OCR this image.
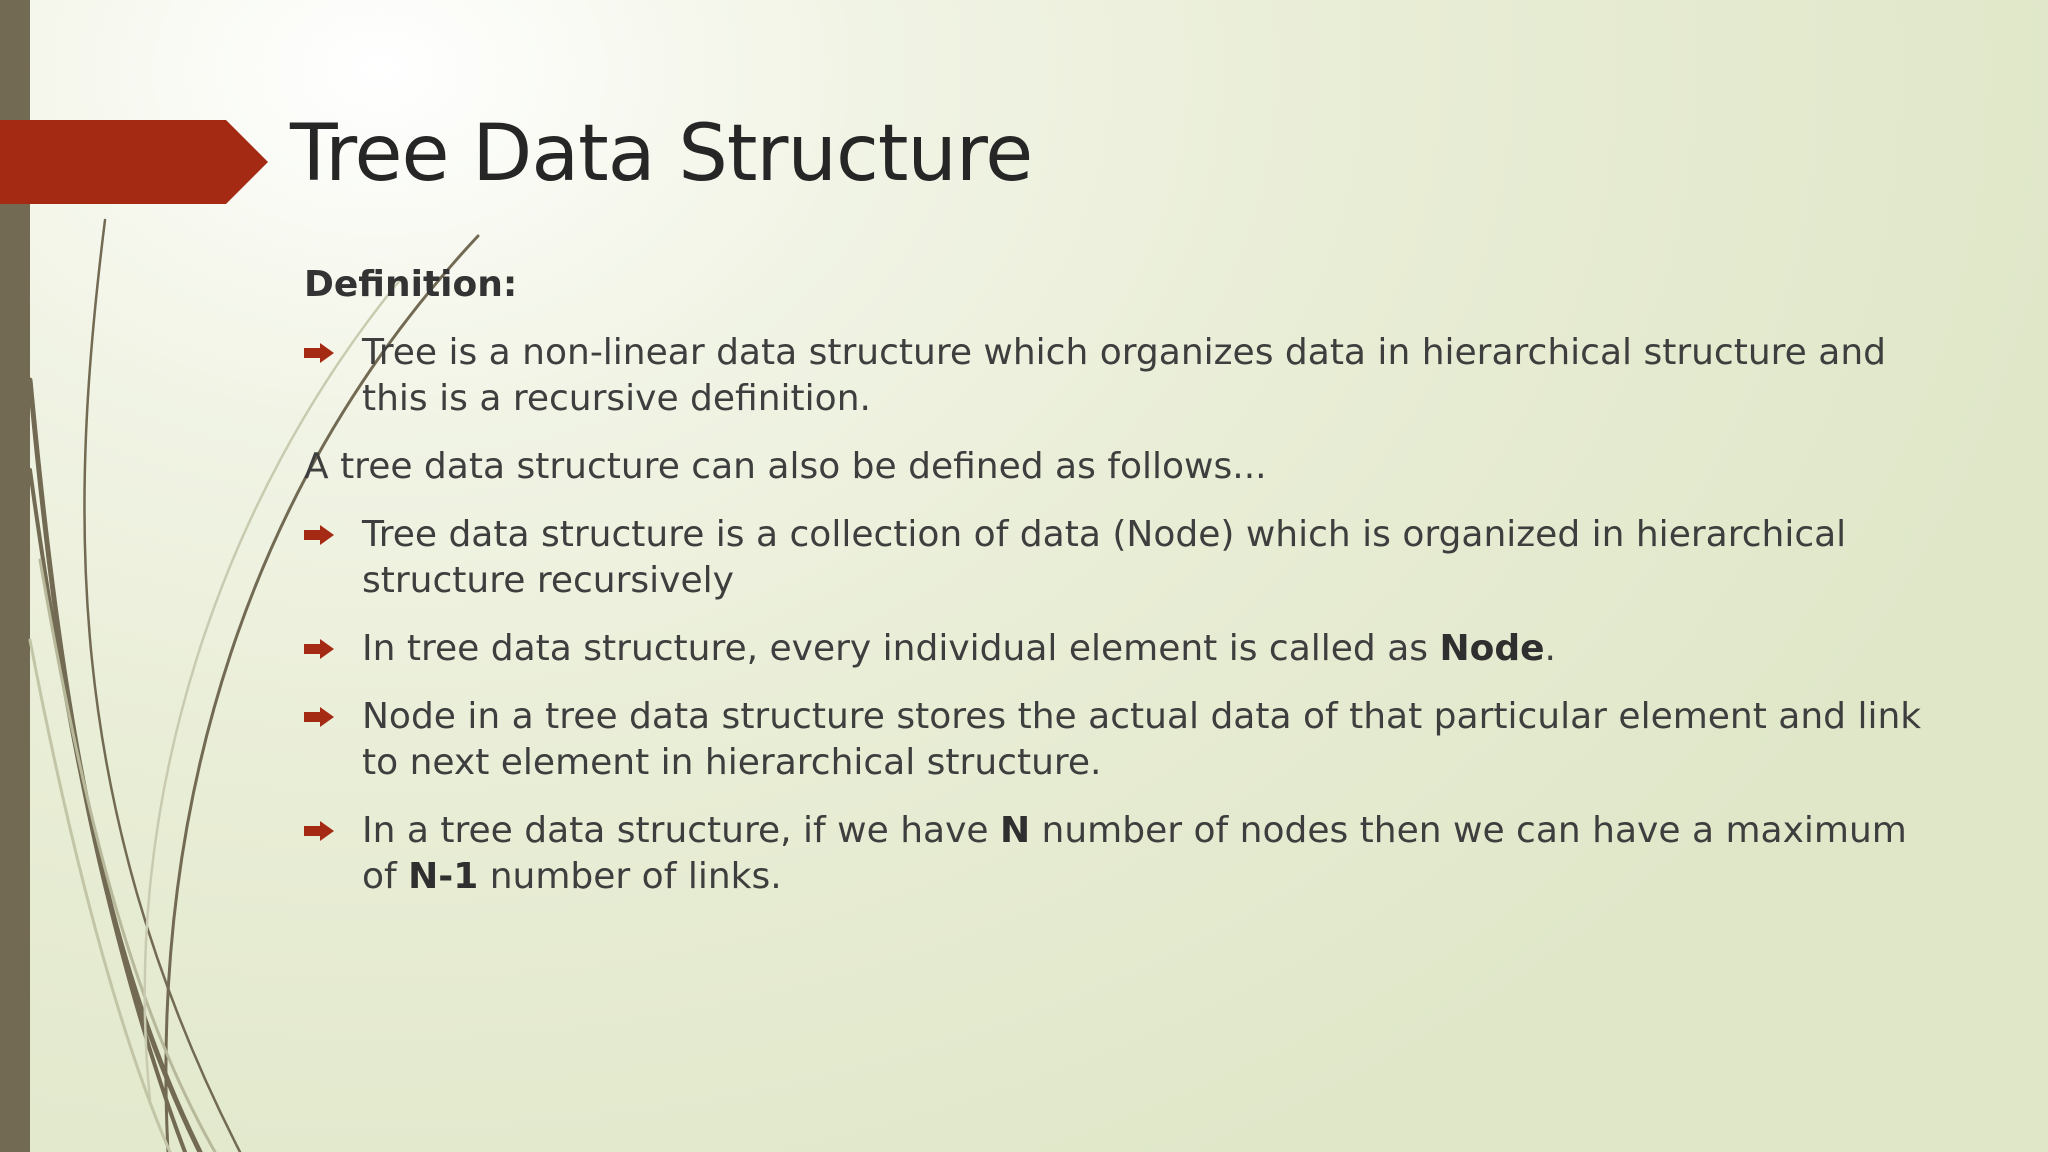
Tree Data Structure
Definition:
Tree is a non-linear data structure which organizes data in hierarchical structure and this is a recursive definition.
A tree data structure can also be defined as follows...
Tree data structure is a collection of data (Node) which is organized in hierarchical structure recursively
In tree data structure, every individual element is called as Node.
Node in a tree data structure stores the actual data of that particular element and link to next element in hierarchical structure.
In a tree data structure, if we have N number of nodes then we can have a maximum of N-1 number of links.
